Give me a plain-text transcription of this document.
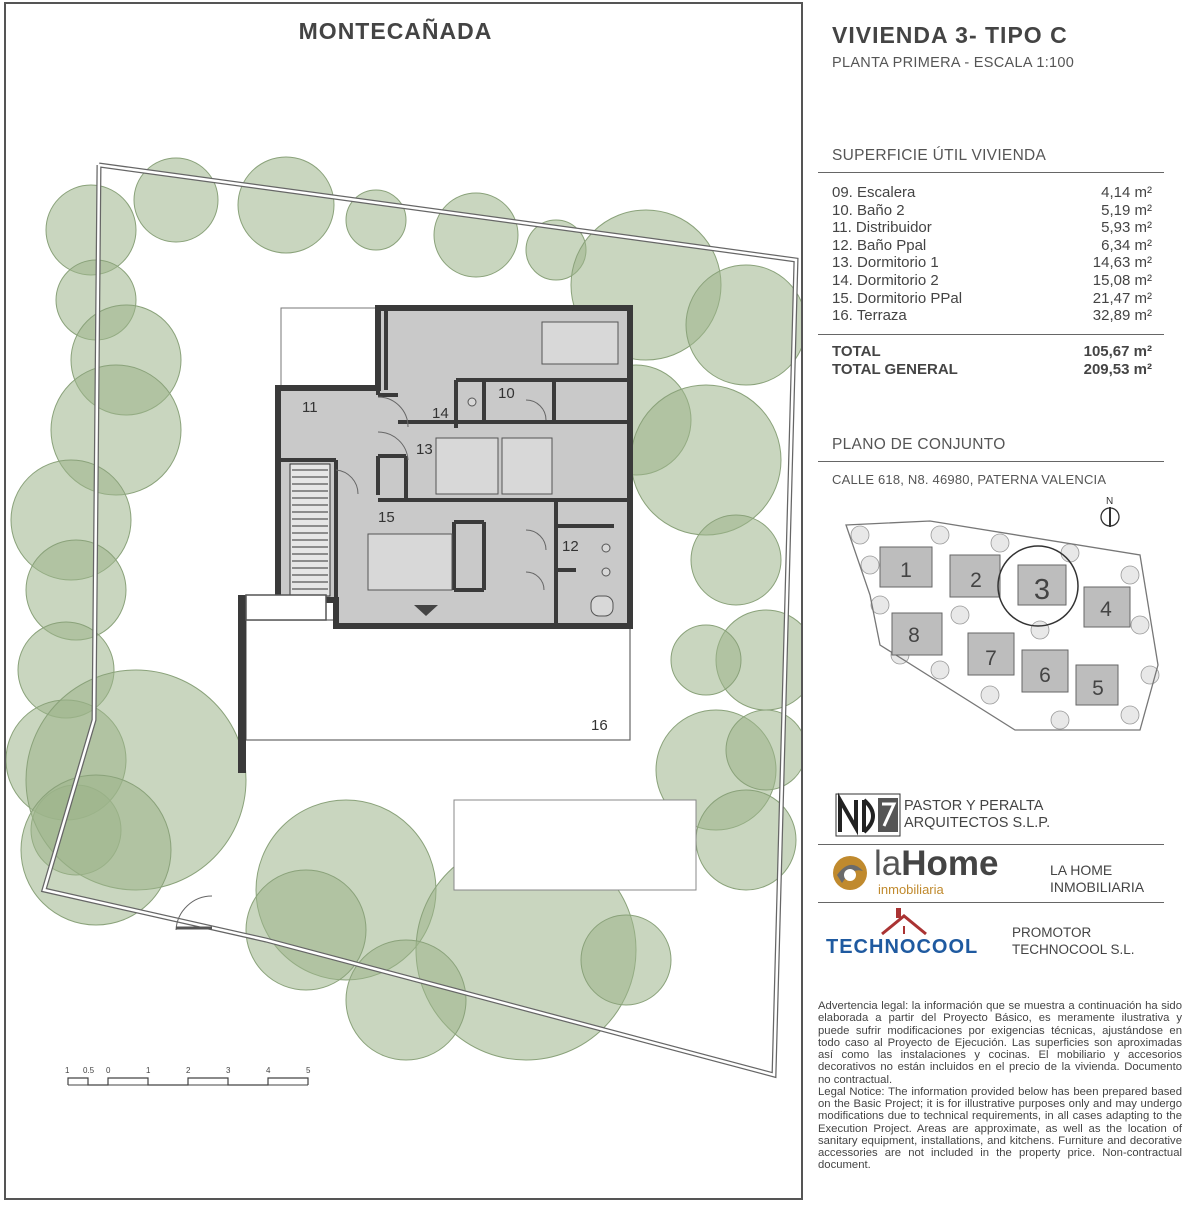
MONTECAÑADA
10
11
12
13
14
15
16
1 0.5 0	1	2	3	4	5
VIVIENDA 3- TIPO C
PLANTA PRIMERA - ESCALA 1:100
SUPERFICIE ÚTIL VIVIENDA
09. Escalera	4,14 m²
10. Baño 2	5,19 m²
11. Distribuidor	5,93 m²
12. Baño Ppal	6,34 m²
13. Dormitorio 1	14,63 m²
14. Dormitorio 2	15,08 m²
15. Dormitorio PPal	21,47 m²
16. Terraza	32,89 m²
TOTAL	105,67 m²
TOTAL GENERAL	209,53 m²
PLANO DE CONJUNTO
CALLE 618, N8. 46980, PATERNA VALENCIA
1	2 3
4
5
6
7
8
N
PASTOR Y PERALTA
ARQUITECTOS S.L.P.
laHome
inmobiliaria
LA HOME
INMOBILIARIA
TECHNOCOOL
PROMOTOR
TECHNOCOOL S.L.

Advertencia legal: la información que se muestra a continuación ha sido elaborada a partir del Proyecto Básico, es meramente ilustrativa y puede sufrir modificaciones por exigencias técnicas, ajustándose en todo caso al Proyecto de Ejecución. Las superficies son aproximadas así como las instalaciones y cocinas. El mobiliario y accesorios decorativos no están incluidos en el precio de la vivienda. Documento no contractual.

Legal Notice: The information provided below has been prepared based on the Basic Project; it is for illustrative purposes only and may undergo modifications due to technical requirements, in all cases adapting to the Execution Project. Areas are approximate, as well as the location of sanitary equipment, installations, and kitchens. Furniture and decorative accessories are not included in the property price. Non-contractual document.
